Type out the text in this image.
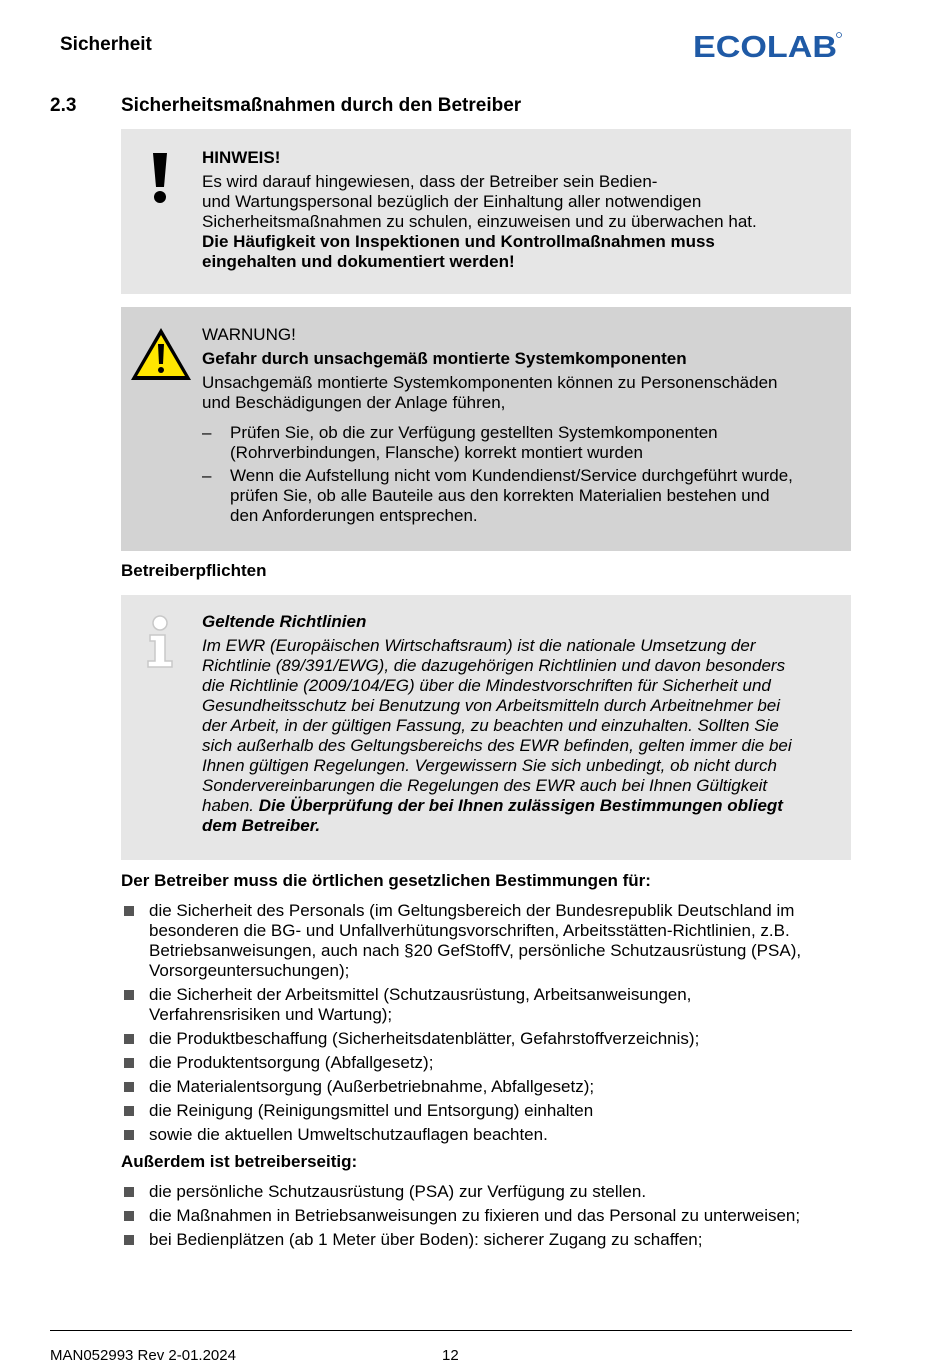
Sicherheit	ECOLAB
2.3 Sicherheitsmaßnahmen durch den Betreiber

HINWEIS!

Es wird darauf hingewiesen, dass der Betreiber sein Bedien-

und Wartungspersonal bezüglich der Einhaltung aller notwendigen

Sicherheitsmaßnahmen zu schulen, einzuweisen und zu überwachen hat.

Die Häufigkeit von Inspektionen und Kontrollmaßnahmen muss

eingehalten und dokumentiert werden!

WARNUNG!

Gefahr durch unsachgemäß montierte Systemkomponenten

Unsachgemäß montierte Systemkomponenten können zu Personenschäden

und Beschädigungen der Anlage führen,

– Prüfen Sie, ob die zur Verfügung gestellten Systemkomponenten
(Rohrverbindungen, Flansche) korrekt montiert wurden
– Wenn die Aufstellung nicht vom Kundendienst/Service durchgeführt wurde,
prüfen Sie, ob alle Bauteile aus den korrekten Materialien bestehen und
den Anforderungen entsprechen.
Betreiberpflichten

Geltende Richtlinien

Im EWR (Europäischen Wirtschaftsraum) ist die nationale Umsetzung der

Richtlinie (89/391/EWG), die dazugehörigen Richtlinien und davon besonders

die Richtlinie (2009/104/EG) über die Mindestvorschriften für Sicherheit und

Gesundheitsschutz bei Benutzung von Arbeitsmitteln durch Arbeitnehmer bei

der Arbeit, in der gültigen Fassung, zu beachten und einzuhalten. Sollten Sie

sich außerhalb des Geltungsbereichs des EWR befinden, gelten immer die bei

Ihnen gültigen Regelungen. Vergewissern Sie sich unbedingt, ob nicht durch

Sondervereinbarungen die Regelungen des EWR auch bei Ihnen Gültigkeit

haben. Die Überprüfung der bei Ihnen zulässigen Bestimmungen obliegt

dem Betreiber.

Der Betreiber muss die örtlichen gesetzlichen Bestimmungen für:
die Sicherheit des Personals (im Geltungsbereich der Bundesrepublik Deutschland im
besonderen die BG- und Unfallverhütungsvorschriften, Arbeitsstätten-Richtlinien, z.B.
Betriebsanweisungen, auch nach §20 GefStoffV, persönliche Schutzausrüstung (PSA),
Vorsorgeuntersuchungen);
die Sicherheit der Arbeitsmittel (Schutzausrüstung, Arbeitsanweisungen,
Verfahrensrisiken und Wartung);
die Produktbeschaffung (Sicherheitsdatenblätter, Gefahrstoffverzeichnis);
die Produktentsorgung (Abfallgesetz);
die Materialentsorgung (Außerbetriebnahme, Abfallgesetz);
die Reinigung (Reinigungsmittel und Entsorgung) einhalten
sowie die aktuellen Umweltschutzauflagen beachten.
Außerdem ist betreiberseitig:
die persönliche Schutzausrüstung (PSA) zur Verfügung zu stellen.
die Maßnahmen in Betriebsanweisungen zu fixieren und das Personal zu unterweisen;
bei Bedienplätzen (ab 1 Meter über Boden): sicherer Zugang zu schaffen;
MAN052993 Rev 2-01.2024	12
